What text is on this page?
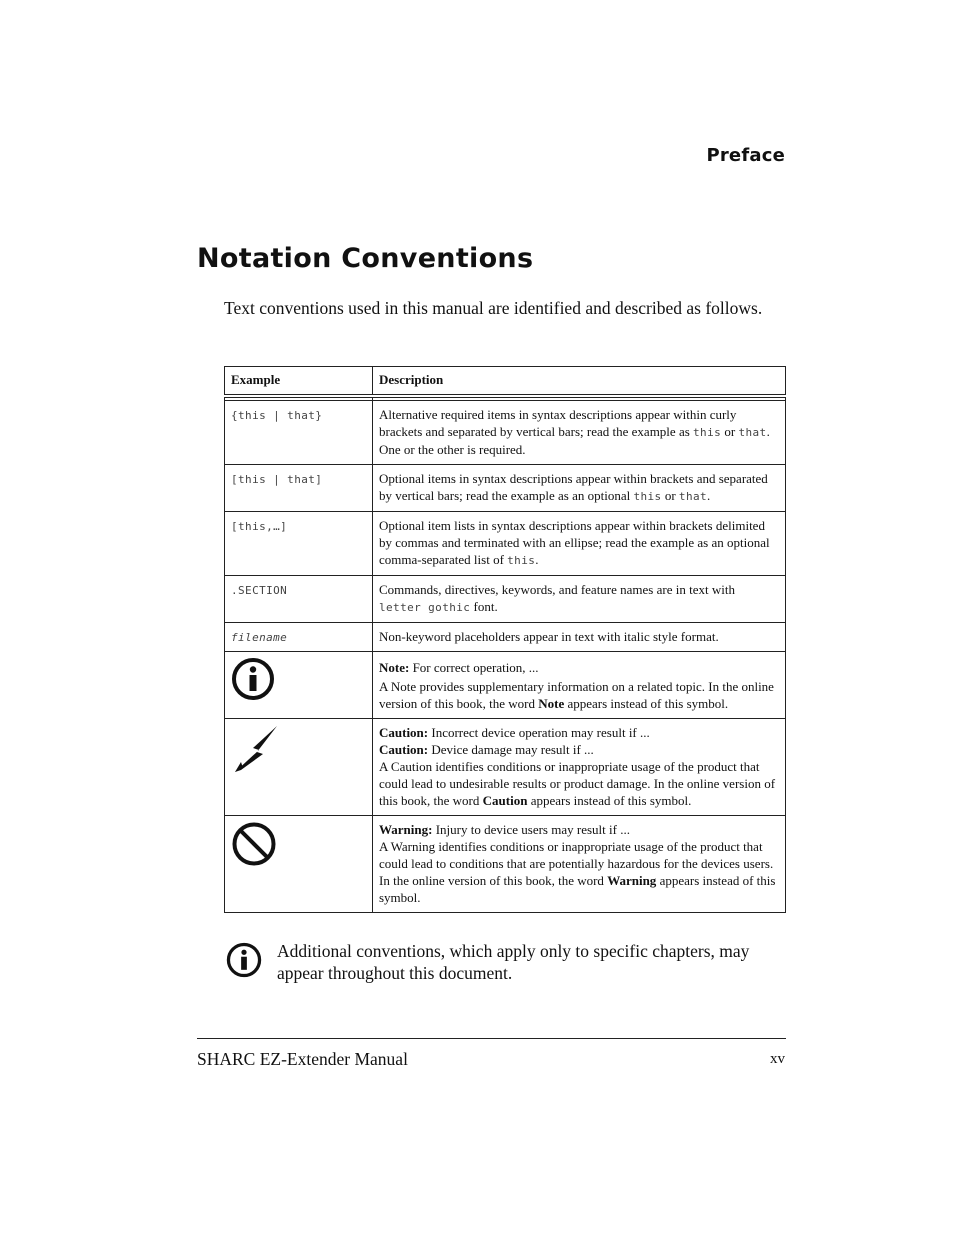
Preface
Notation Conventions

Text conventions used in this manual are identified and described as follows.

Example	Description

{this | that}	Alternative required items in syntax descriptions appear within curly brackets and separated by vertical bars; read the example as this or that. One or the other is required.
[this | that]	Optional items in syntax descriptions appear within brackets and separated by vertical bars; read the example as an optional this or that.
[this,…]	Optional item lists in syntax descriptions appear within brackets delimited by commas and terminated with an ellipse; read the example as an optional comma-separated list of this.
.SECTION	Commands, directives, keywords, and feature names are in text with letter gothic font.
filename	Non-keyword placeholders appear in text with italic style format.

Note: For correct operation, ...
A Note provides supplementary information on a related topic. In the online version of this book, the word Note appears instead of this symbol.

Caution: Incorrect device operation may result if ...
Caution: Device damage may result if ...
A Caution identifies conditions or inappropriate usage of the product that could lead to undesirable results or product damage. In the online version of this book, the word Caution appears instead of this symbol.

Warning: Injury to device users may result if ...
A Warning identifies conditions or inappropriate usage of the product that could lead to conditions that are potentially hazardous for the devices users. In the online version of this book, the word Warning appears instead of this symbol.

Additional conventions, which apply only to specific chapters, may appear throughout this document.

SHARC EZ-Extender Manual	xv
